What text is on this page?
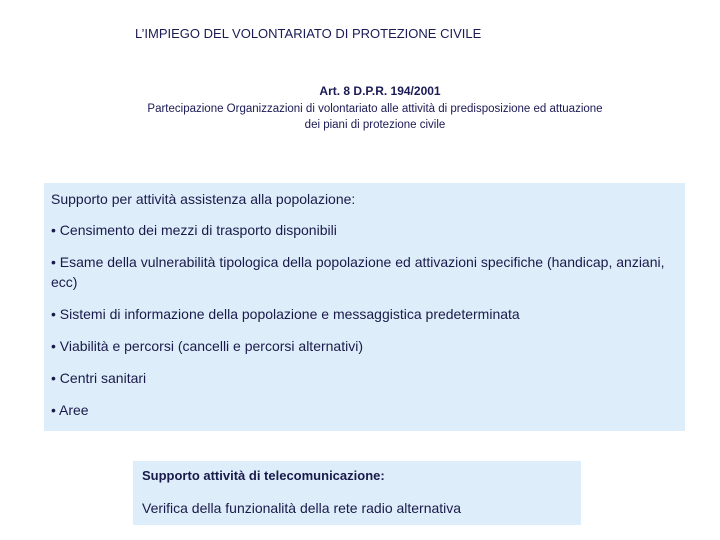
L’IMPIEGO DEL VOLONTARIATO DI PROTEZIONE CIVILE
Art. 8 D.P.R. 194/2001
Partecipazione Organizzazioni di volontariato alle attività di predisposizione ed attuazione dei piani di protezione civile
Supporto per attività assistenza alla popolazione:
• Censimento dei mezzi di trasporto disponibili
• Esame della vulnerabilità tipologica della popolazione ed attivazioni specifiche (handicap, anziani, ecc)
• Sistemi di informazione della popolazione e messaggistica predeterminata
• Viabilità e percorsi (cancelli e percorsi alternativi)
• Centri sanitari
• Aree
Supporto attività di telecomunicazione:
Verifica della funzionalità della rete radio alternativa
